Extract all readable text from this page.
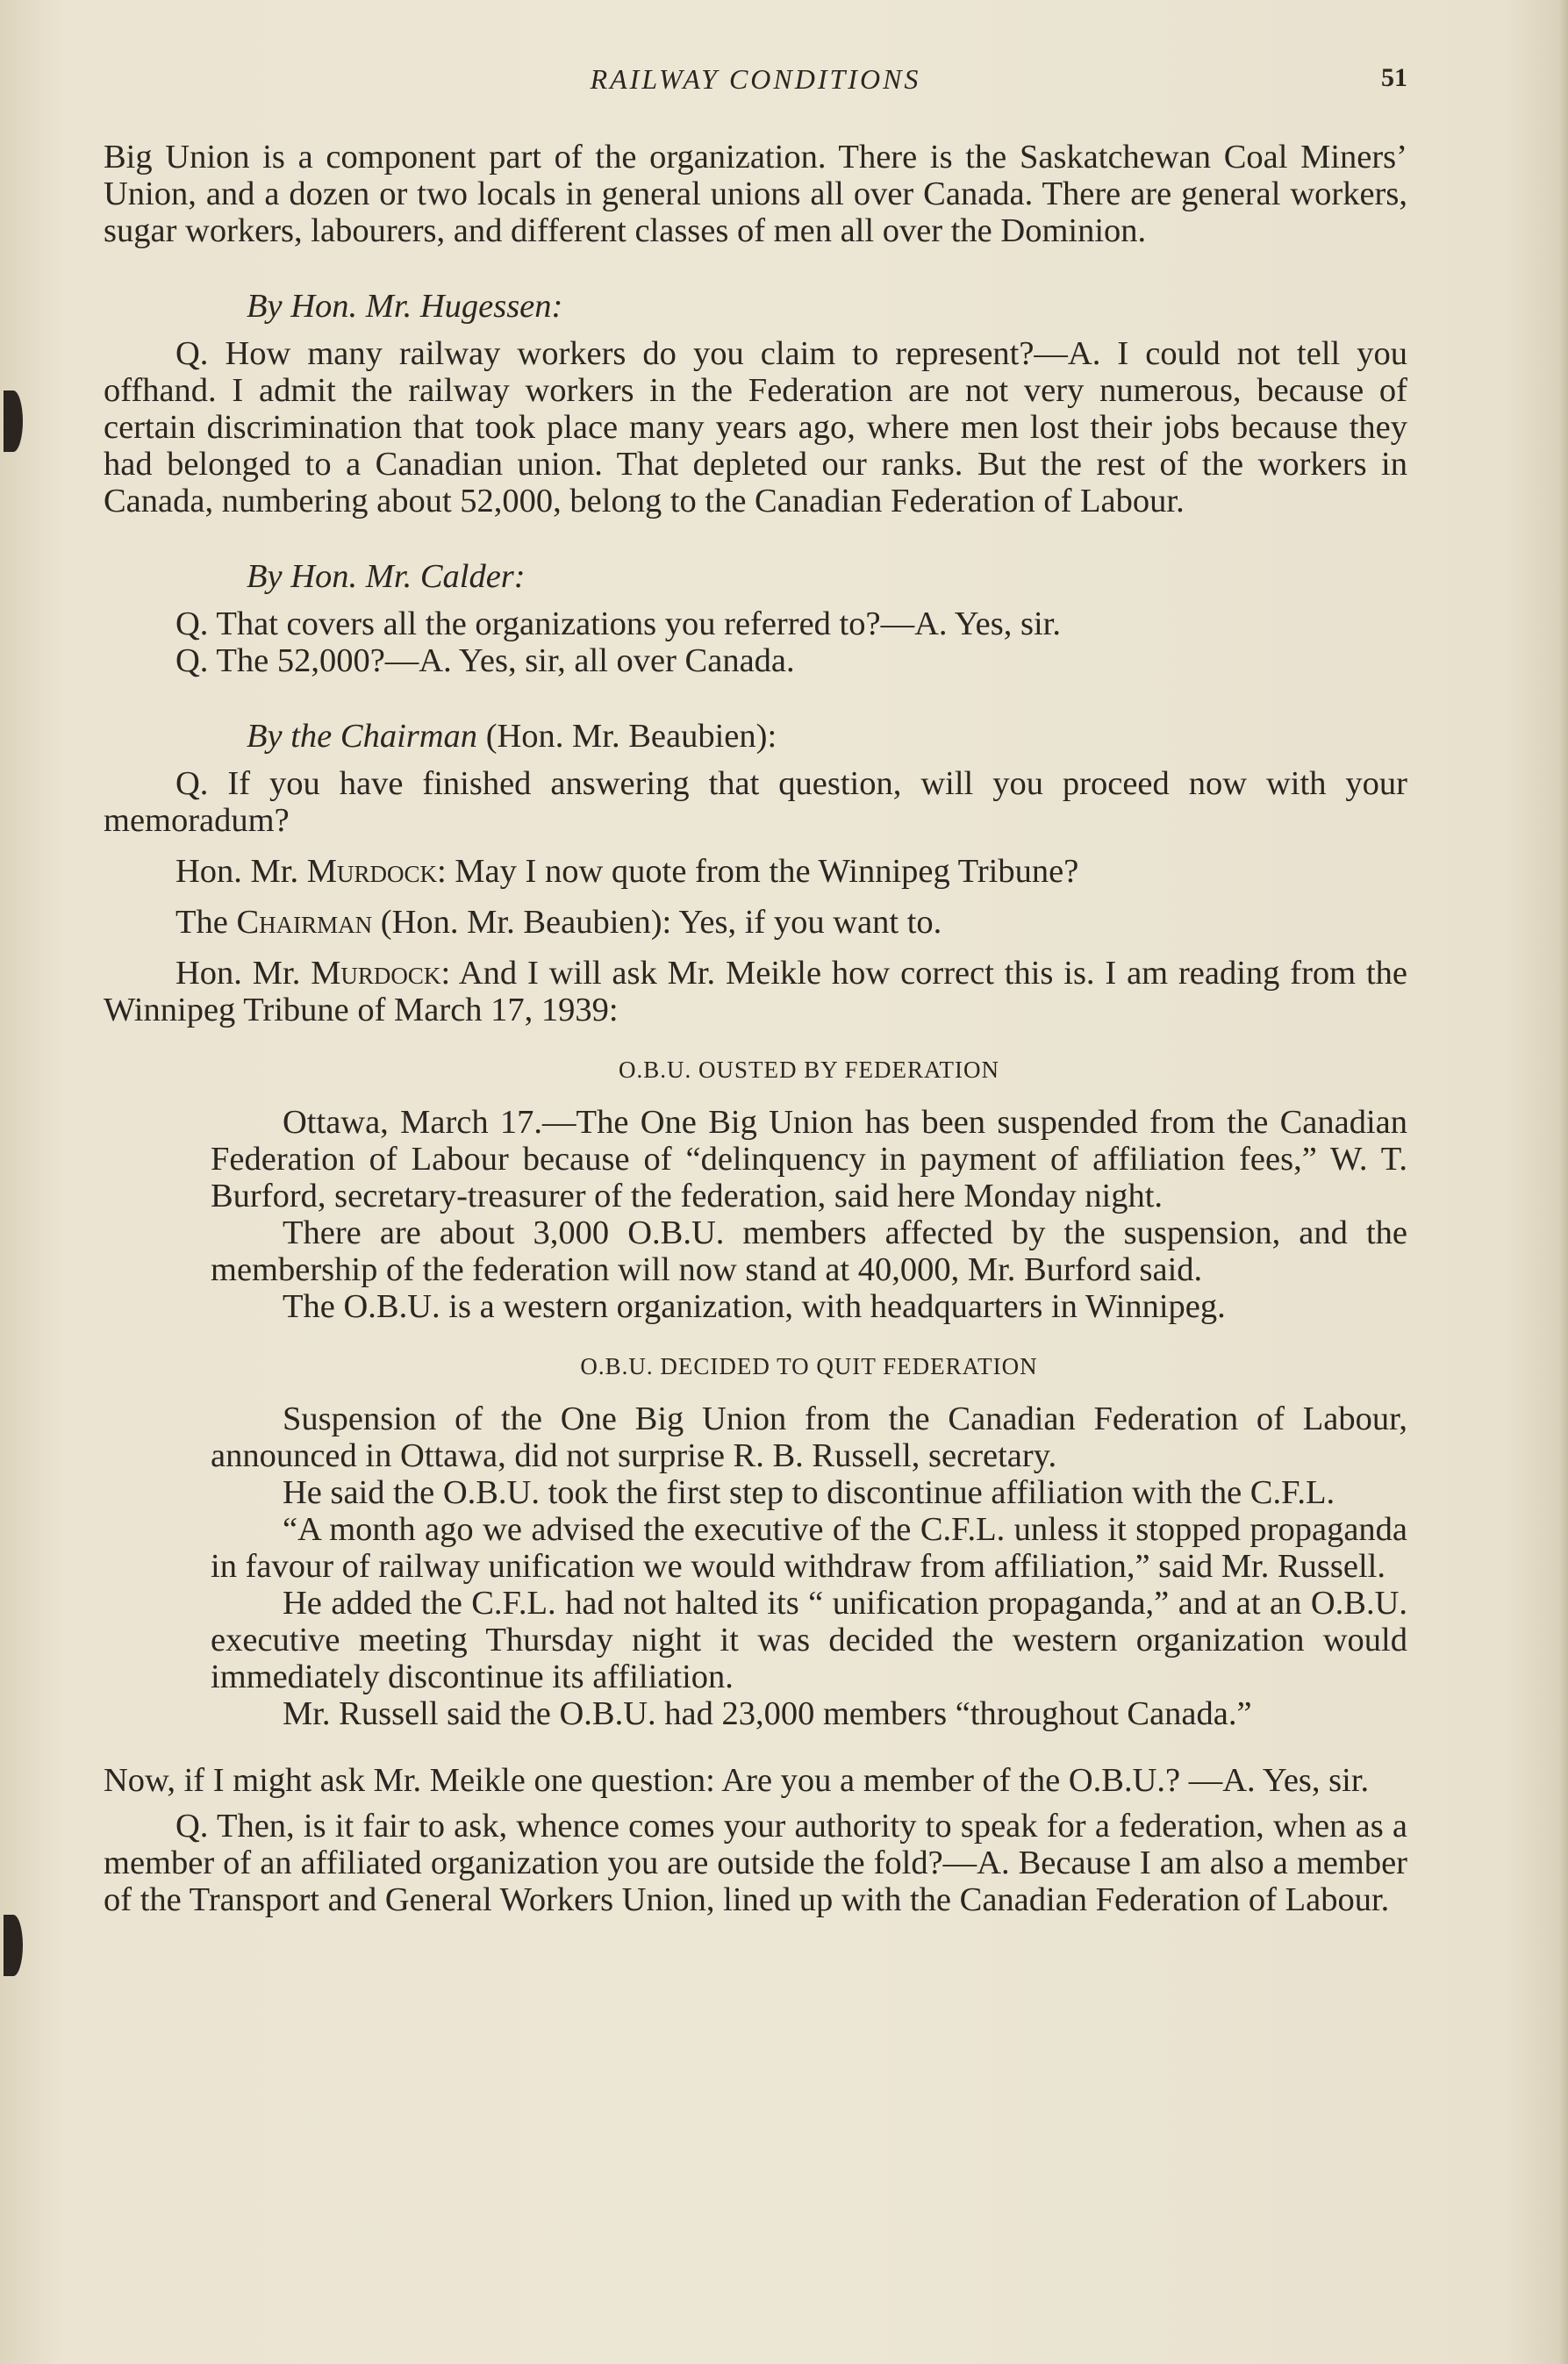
RAILWAY CONDITIONS	51

Big Union is a component part of the organization. There is the Saskatchewan Coal Miners’ Union, and a dozen or two locals in general unions all over Canada. There are general workers, sugar workers, labourers, and different classes of men all over the Dominion.

By Hon. Mr. Hugessen:

Q. How many railway workers do you claim to represent?—A. I could not tell you offhand. I admit the railway workers in the Federation are not very numerous, because of certain discrimination that took place many years ago, where men lost their jobs because they had belonged to a Canadian union. That depleted our ranks. But the rest of the workers in Canada, numbering about 52,000, belong to the Canadian Federation of Labour.

By Hon. Mr. Calder:

Q. That covers all the organizations you referred to?—A. Yes, sir.

Q. The 52,000?—A. Yes, sir, all over Canada.

By the Chairman (Hon. Mr. Beaubien):

Q. If you have finished answering that question, will you proceed now with your memoradum?

Hon. Mr. Murdock: May I now quote from the Winnipeg Tribune?

The Chairman (Hon. Mr. Beaubien): Yes, if you want to.

Hon. Mr. Murdock: And I will ask Mr. Meikle how correct this is. I am reading from the Winnipeg Tribune of March 17, 1939:

O.B.U. OUSTED BY FEDERATION

Ottawa, March 17.—The One Big Union has been suspended from the Canadian Federation of Labour because of “delinquency in payment of affiliation fees,” W. T. Burford, secretary-treasurer of the federation, said here Monday night.

There are about 3,000 O.B.U. members affected by the suspension, and the membership of the federation will now stand at 40,000, Mr. Burford said.

The O.B.U. is a western organization, with headquarters in Winnipeg.

O.B.U. DECIDED TO QUIT FEDERATION

Suspension of the One Big Union from the Canadian Federation of Labour, announced in Ottawa, did not surprise R. B. Russell, secretary.

He said the O.B.U. took the first step to discontinue affiliation with the C.F.L.

“A month ago we advised the executive of the C.F.L. unless it stopped propaganda in favour of railway unification we would withdraw from affiliation,” said Mr. Russell.

He added the C.F.L. had not halted its “ unification propaganda,” and at an O.B.U. executive meeting Thursday night it was decided the western organization would immediately discontinue its affiliation.

Mr. Russell said the O.B.U. had 23,000 members “throughout Canada.”

Now, if I might ask Mr. Meikle one question: Are you a member of the O.B.U.? —A. Yes, sir.

Q. Then, is it fair to ask, whence comes your authority to speak for a federation, when as a member of an affiliated organization you are outside the fold?—A. Because I am also a member of the Transport and General Workers Union, lined up with the Canadian Federation of Labour.
